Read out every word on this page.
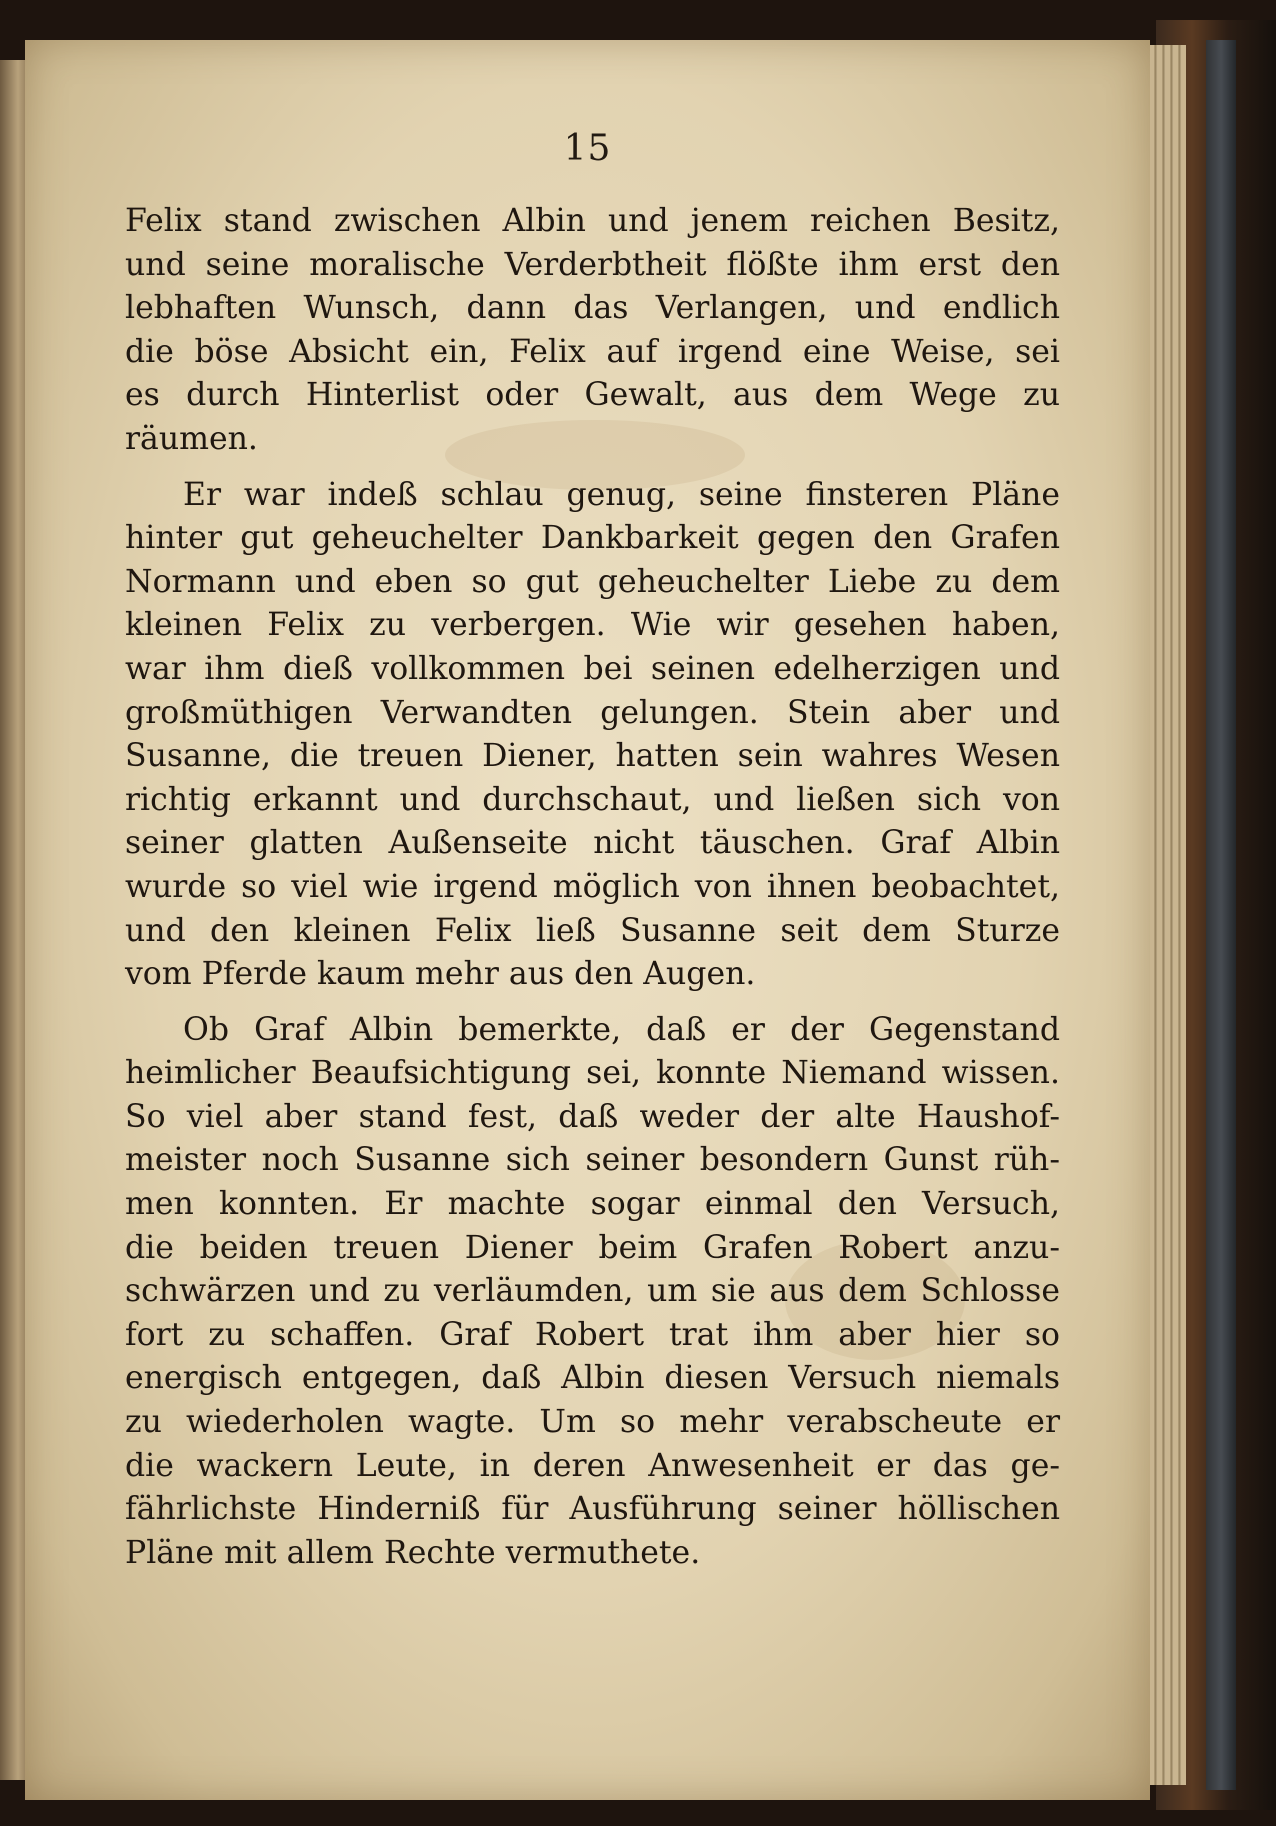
15
Felix stand zwischen Albin und jenem reichen Besitz,
und seine moralische Verderbtheit flößte ihm erst den
lebhaften Wunsch, dann das Verlangen, und endlich
die böse Absicht ein, Felix auf irgend eine Weise, sei
es durch Hinterlist oder Gewalt, aus dem Wege zu
räumen.
Er war indeß schlau genug, seine finsteren Pläne
hinter gut geheuchelter Dankbarkeit gegen den Grafen
Normann und eben so gut geheuchelter Liebe zu dem
kleinen Felix zu verbergen. Wie wir gesehen haben,
war ihm dieß vollkommen bei seinen edelherzigen und
großmüthigen Verwandten gelungen. Stein aber und
Susanne, die treuen Diener, hatten sein wahres Wesen
richtig erkannt und durchschaut, und ließen sich von
seiner glatten Außenseite nicht täuschen. Graf Albin
wurde so viel wie irgend möglich von ihnen beobachtet,
und den kleinen Felix ließ Susanne seit dem Sturze
vom Pferde kaum mehr aus den Augen.
Ob Graf Albin bemerkte, daß er der Gegenstand
heimlicher Beaufsichtigung sei, konnte Niemand wissen.
So viel aber stand fest, daß weder der alte Haushof-
meister noch Susanne sich seiner besondern Gunst rüh-
men konnten. Er machte sogar einmal den Versuch,
die beiden treuen Diener beim Grafen Robert anzu-
schwärzen und zu verläumden, um sie aus dem Schlosse
fort zu schaffen. Graf Robert trat ihm aber hier so
energisch entgegen, daß Albin diesen Versuch niemals
zu wiederholen wagte. Um so mehr verabscheute er
die wackern Leute, in deren Anwesenheit er das ge-
fährlichste Hinderniß für Ausführung seiner höllischen
Pläne mit allem Rechte vermuthete.
